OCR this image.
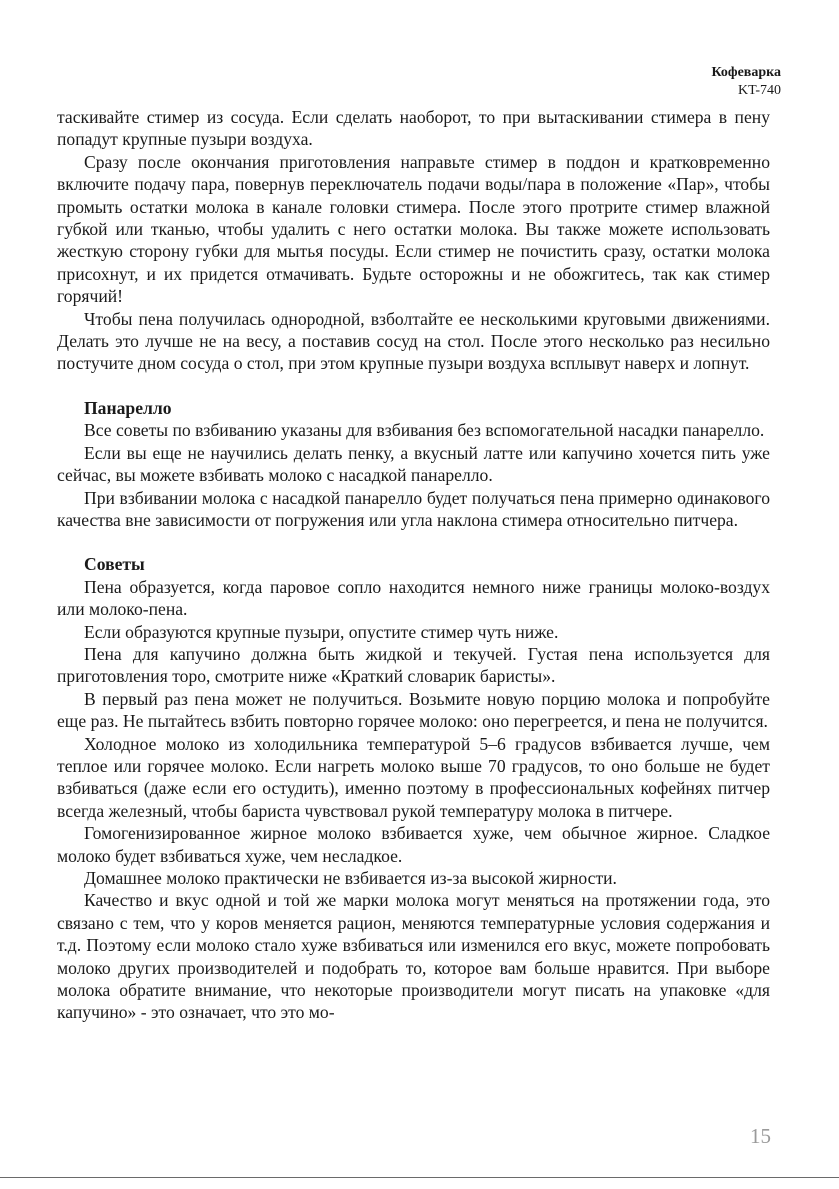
Кофеварка
KT-740

таскивайте стимер из сосуда. Если сделать наоборот, то при вытаскивании стимера в пену попадут крупные пузыри воздуха.

Сразу после окончания приготовления направьте стимер в поддон и кратковременно включите подачу пара, повернув переключатель подачи воды/пара в положение «Пар», чтобы промыть остатки молока в канале головки стимера. После этого протрите стимер влажной губкой или тканью, чтобы удалить с него остатки молока. Вы также можете использовать жесткую сторону губки для мытья посуды. Если стимер не почистить сразу, остатки молока присохнут, и их придется отмачивать. Будьте осторожны и не обожгитесь, так как стимер горячий!

Чтобы пена получилась однородной, взболтайте ее несколькими круговыми движениями. Делать это лучше не на весу, а поставив сосуд на стол. После этого несколько раз несильно постучите дном сосуда о стол, при этом крупные пузыри воздуха всплывут наверх и лопнут.

Панарелло

Все советы по взбиванию указаны для взбивания без вспомогательной насадки панарелло.

Если вы еще не научились делать пенку, а вкусный латте или капучино хочется пить уже сейчас, вы можете взбивать молоко с насадкой панарелло.

При взбивании молока с насадкой панарелло будет получаться пена примерно одинакового качества вне зависимости от погружения или угла наклона стимера относительно питчера.

Советы

Пена образуется, когда паровое сопло находится немного ниже границы молоко-воздух или молоко-пена.

Если образуются крупные пузыри, опустите стимер чуть ниже.

Пена для капучино должна быть жидкой и текучей. Густая пена используется для приготовления торо, смотрите ниже «Краткий словарик баристы».

В первый раз пена может не получиться. Возьмите новую порцию молока и попробуйте еще раз. Не пытайтесь взбить повторно горячее молоко: оно перегреется, и пена не получится.

Холодное молоко из холодильника температурой 5–6 градусов взбивается лучше, чем теплое или горячее молоко. Если нагреть молоко выше 70 градусов, то оно больше не будет взбиваться (даже если его остудить), именно поэтому в профессиональных кофейнях питчер всегда железный, чтобы бариста чувствовал рукой температуру молока в питчере.

Гомогенизированное жирное молоко взбивается хуже, чем обычное жирное. Сладкое молоко будет взбиваться хуже, чем несладкое.

Домашнее молоко практически не взбивается из-за высокой жирности.

Качество и вкус одной и той же марки молока могут меняться на протяжении года, это связано с тем, что у коров меняется рацион, меняются температурные условия содержания и т.д. Поэтому если молоко стало хуже взбиваться или изменился его вкус, можете попробовать молоко других производителей и подобрать то, которое вам больше нравится. При выборе молока обратите внимание, что некоторые производители могут писать на упаковке «для капучино» - это означает, что это мо-

15
